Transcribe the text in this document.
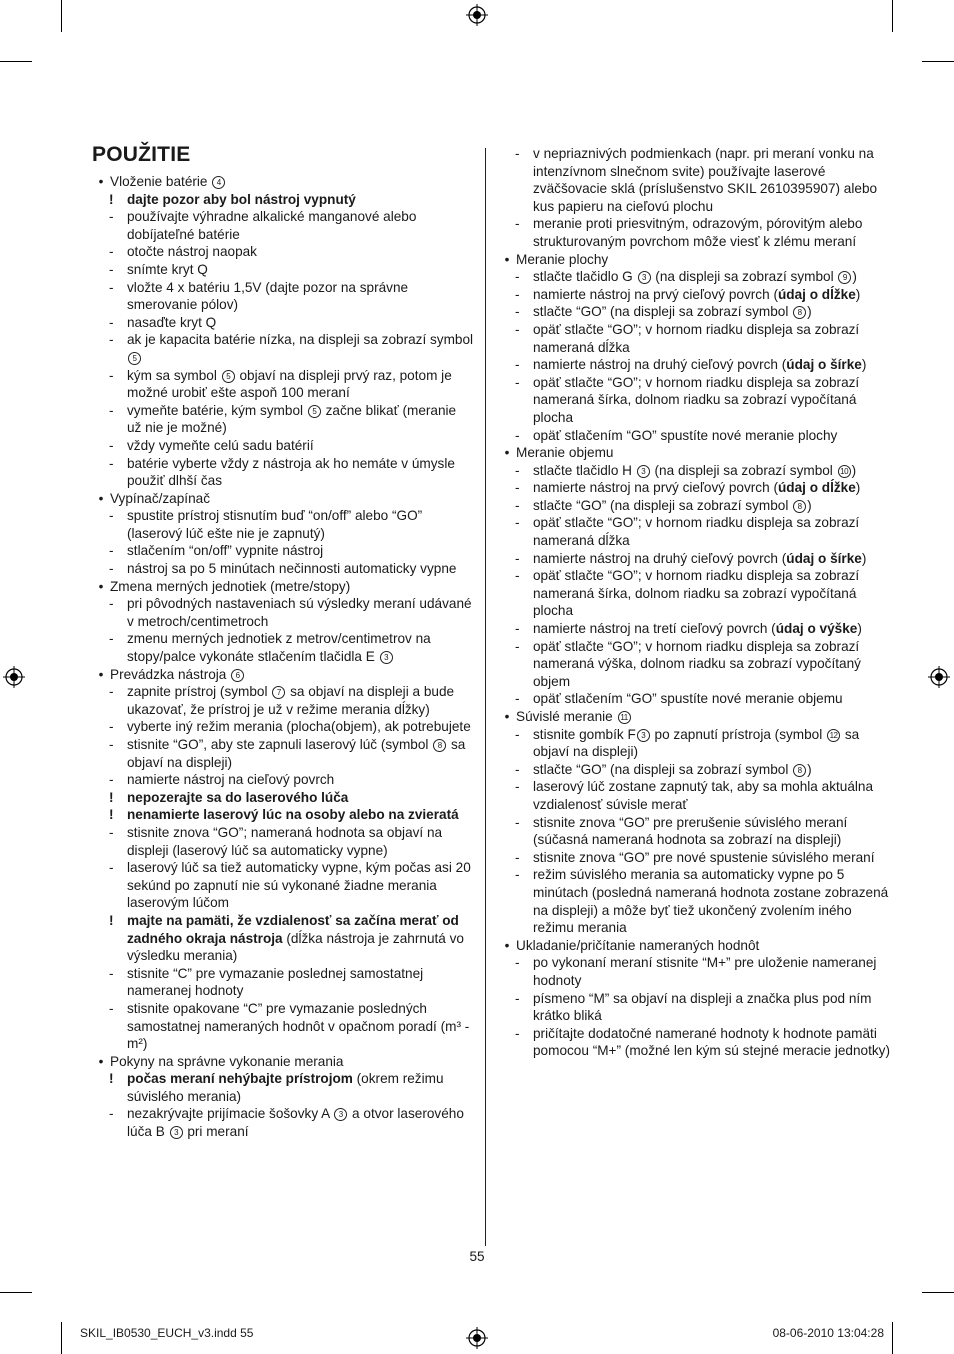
POUŽITIE
• Vloženie batérie 4
! dajte pozor aby bol nástroj vypnutý
- používajte výhradne alkalické manganové alebo dobíjateľné batérie
- otočte nástroj naopak
- snímte kryt Q
- vložte 4 x batériu 1,5V (dajte pozor na správne smerovanie pólov)
- nasaďte kryt Q
- ak je kapacita batérie nízka, na displeji sa zobrazí symbol 5
- kým sa symbol 5 objaví na displeji prvý raz, potom je možné urobiť ešte aspoň 100 meraní
- vymeňte batérie, kým symbol 5 začne blikať (meranie už nie je možné)
- vždy vymeňte celú sadu batérií
- batérie vyberte vždy z nástroja ak ho nemáte v úmysle použiť dlhší čas
• Vypínač/zapínač
- spustite prístroj stisnutím buď “on/off” alebo “GO” (laserový lúč ešte nie je zapnutý)
- stlačením “on/off” vypnite nástroj
- nástroj sa po 5 minútach nečinnosti automaticky vypne
• Zmena merných jednotiek (metre/stopy)
- pri pôvodných nastaveniach sú výsledky meraní udávané v metroch/centimetroch
- zmenu merných jednotiek z metrov/centimetrov na stopy/palce vykonáte stlačením tlačidla E 3
• Prevádzka nástroja 6
- zapnite prístroj (symbol 7 sa objaví na displeji a bude ukazovať, že prístroj je už v režime merania dĺžky)
- vyberte iný režim merania (plocha(objem), ak potrebujete
- stisnite “GO”, aby ste zapnuli laserový lúč (symbol 8 sa objaví na displeji)
- namierte nástroj na cieľový povrch
! nepozerajte sa do laserového lúča
! nenamierte laserový lúc na osoby alebo na zvieratá
- stisnite znova “GO”; nameraná hodnota sa objaví na displeji (laserový lúč sa automaticky vypne)
- laserový lúč sa tiež automaticky vypne, kým počas asi 20 sekúnd po zapnutí nie sú vykonané žiadne merania laserovým lúčom
! majte na pamäti, že vzdialenosť sa začína merať od zadného okraja nástroja (dĺžka nástroja je zahrnutá vo výsledku merania)
- stisnite “C” pre vymazanie poslednej samostatnej nameranej hodnoty
- stisnite opakovane “C” pre vymazanie posledných samostatnej nameraných hodnôt v opačnom poradí (m³ - m²)
• Pokyny na správne vykonanie merania
! počas meraní nehýbajte prístrojom (okrem režimu súvislého merania)
- nezakrývajte prijímacie šošovky A 3 a otvor laserového lúča B 3 pri meraní
- v nepriaznivých podmienkach (napr. pri meraní vonku na intenzívnom slnečnom svite) používajte laserové zväčšovacie sklá (príslušenstvo SKIL 2610395907) alebo kus papieru na cieľovú plochu
- meranie proti priesvitným, odrazovým, pórovitým alebo strukturovaným povrchom môže viesť k zlému meraní
• Meranie plochy
- stlačte tlačidlo G 3 (na displeji sa zobrazí symbol 9 )
- namierte nástroj na prvý cieľový povrch (údaj o dĺžke)
- stlačte “GO” (na displeji sa zobrazí symbol 8 )
- opäť stlačte “GO”; v hornom riadku displeja sa zobrazí nameraná dĺžka
- namierte nástroj na druhý cieľový povrch (údaj o šírke)
- opäť stlačte “GO”; v hornom riadku displeja sa zobrazí nameraná šírka, dolnom riadku sa zobrazí vypočítaná plocha
- opäť stlačením “GO” spustíte nové meranie plochy
• Meranie objemu
- stlačte tlačidlo H 3 (na displeji sa zobrazí symbol 10 )
- namierte nástroj na prvý cieľový povrch (údaj o dĺžke)
- stlačte “GO” (na displeji sa zobrazí symbol 8 )
- opäť stlačte “GO”; v hornom riadku displeja sa zobrazí nameraná dĺžka
- namierte nástroj na druhý cieľový povrch (údaj o šírke)
- opäť stlačte “GO”; v hornom riadku displeja sa zobrazí nameraná šírka, dolnom riadku sa zobrazí vypočítaná plocha
- namierte nástroj na tretí cieľový povrch (údaj o výške)
- opäť stlačte “GO”; v hornom riadku displeja sa zobrazí nameraná výška, dolnom riadku sa zobrazí vypočítaný objem
- opäť stlačením “GO” spustíte nové meranie objemu
• Súvislé meranie 11
- stisnite gombík F 3 po zapnutí prístroja (symbol 12 sa objaví na displeji)
- stlačte “GO” (na displeji sa zobrazí symbol 8 )
- laserový lúč zostane zapnutý tak, aby sa mohla aktuálna vzdialenosť súvisle merať
- stisnite znova “GO” pre prerušenie súvislého meraní (súčasná nameraná hodnota sa zobrazí na displeji)
- stisnite znova “GO” pre nové spustenie súvislého meraní
- režim súvislého merania sa automaticky vypne po 5 minútach (posledná nameraná hodnota zostane zobrazená na displeji) a môže byť tiež ukončený zvolením iného režimu merania
• Ukladanie/pričítanie nameraných hodnôt
- po vykonaní meraní stisnite “M+” pre uloženie nameranej hodnoty
- písmeno “M” sa objaví na displeji a značka plus pod ním krátko bliká
- pričítajte dodatočné namerané hodnoty k hodnote pamäti pomocou “M+” (možné len kým sú stejné meracie jednotky)
55
SKIL_IB0530_EUCH_v3.indd 55	08-06-2010 13:04:28
